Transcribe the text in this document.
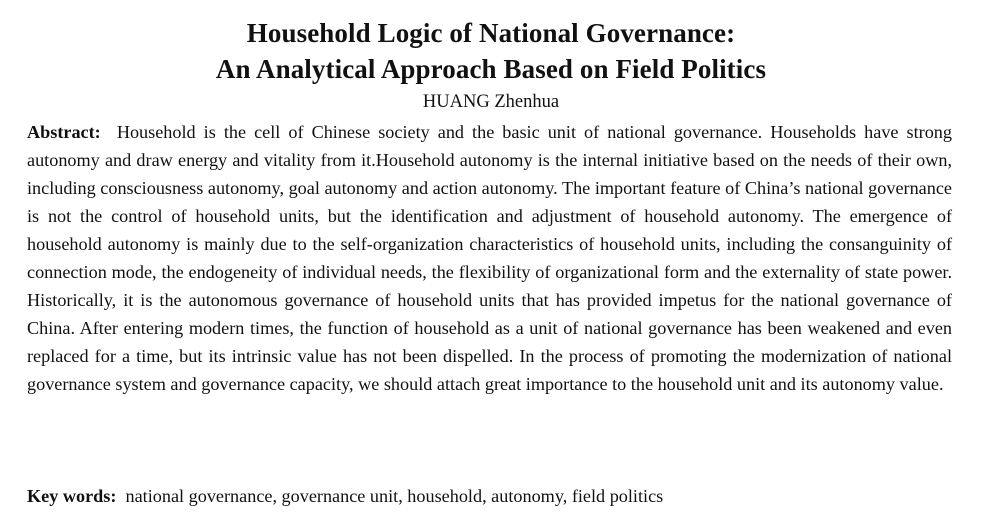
Household Logic of National Governance:
An Analytical Approach Based on Field Politics
HUANG Zhenhua

Abstract: Household is the cell of Chinese society and the basic unit of national governance. Households have strong autonomy and draw energy and vitality from it.Household autonomy is the internal initiative based on the needs of their own, including consciousness autonomy, goal autonomy and action autonomy. The important feature of China’s national governance is not the control of household units, but the identification and adjustment of household autonomy. The emergence of household autonomy is mainly due to the self-organization characteristics of household units, including the consanguinity of connection mode, the endogeneity of individual needs, the flexibility of organizational form and the externality of state power. Historically, it is the autonomous governance of household units that has provided impetus for the national governance of China. After entering modern times, the function of household as a unit of national governance has been weakened and even replaced for a time, but its intrinsic value has not been dispelled. In the process of promoting the modernization of national governance system and governance capacity, we should attach great importance to the household unit and its autonomy value.

Key words: national governance, governance unit, household, autonomy, field politics
